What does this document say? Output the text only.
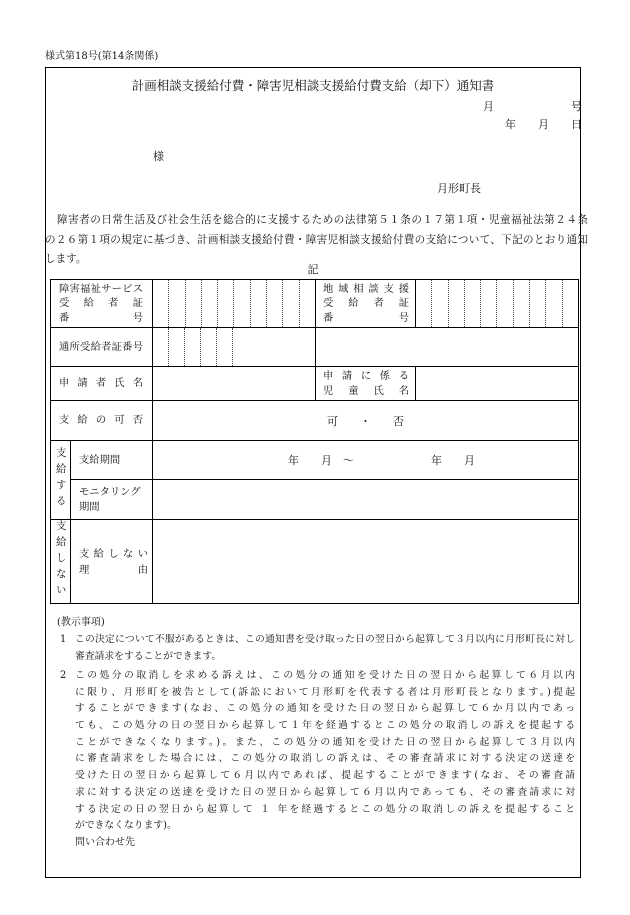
様式第18号(第14条関係)
計画相談支援給付費・障害児相談支援給付費支給（却下）通知書
月　　　　　　　号
年　　月　　日
様
月形町長
障害者の日常生活及び社会生活を総合的に支援するための法律第５１条の１７第１項・児童福祉法第２４条
の２６第１項の規定に基づき、計画相談支援給付費・障害児相談支援給付費の支給について、下記のとおり通知
します。
記
障害福祉サービス
受給者証
番号			地域相談支援
受給者証
番号	

通所受給者証番号				

申請者氏名			申請に係る
児童氏名	

支給の可否		可　　・　　否		
支給する	支給期間	年　　月　〜　　　　　　　年　　月		

	モニタリング
期間			

支給しない	支給しない
理由			

(教示事項)
1 この決定について不服があるときは、この通知書を受け取った日の翌日から起算して３月以内に月形町長に対し
審査請求をすることができます。
2 この処分の取消しを求める訴えは、この処分の通知を受けた日の翌日から起算して６月以内
に限り、月形町を被告として(訴訟において月形町を代表する者は月形町長となります。)提起
することができます(なお、この処分の通知を受けた日の翌日から起算して６か月以内であっ
ても、この処分の日の翌日から起算して１年を経過するとこの処分の取消しの訴えを提起する
ことができなくなります。)。また、この処分の通知を受けた日の翌日から起算して３月以内
に審査請求をした場合には、この処分の取消しの訴えは、その審査請求に対する決定の送達を
受けた日の翌日から起算して６月以内であれば、提起することができます(なお、その審査請
求に対する決定の送達を受けた日の翌日から起算して６月以内であっても、その審査請求に対
する決定の日の翌日から起算して １ 年を経過するとこの処分の取消しの訴えを提起すること
ができなくなります)。
問い合わせ先
